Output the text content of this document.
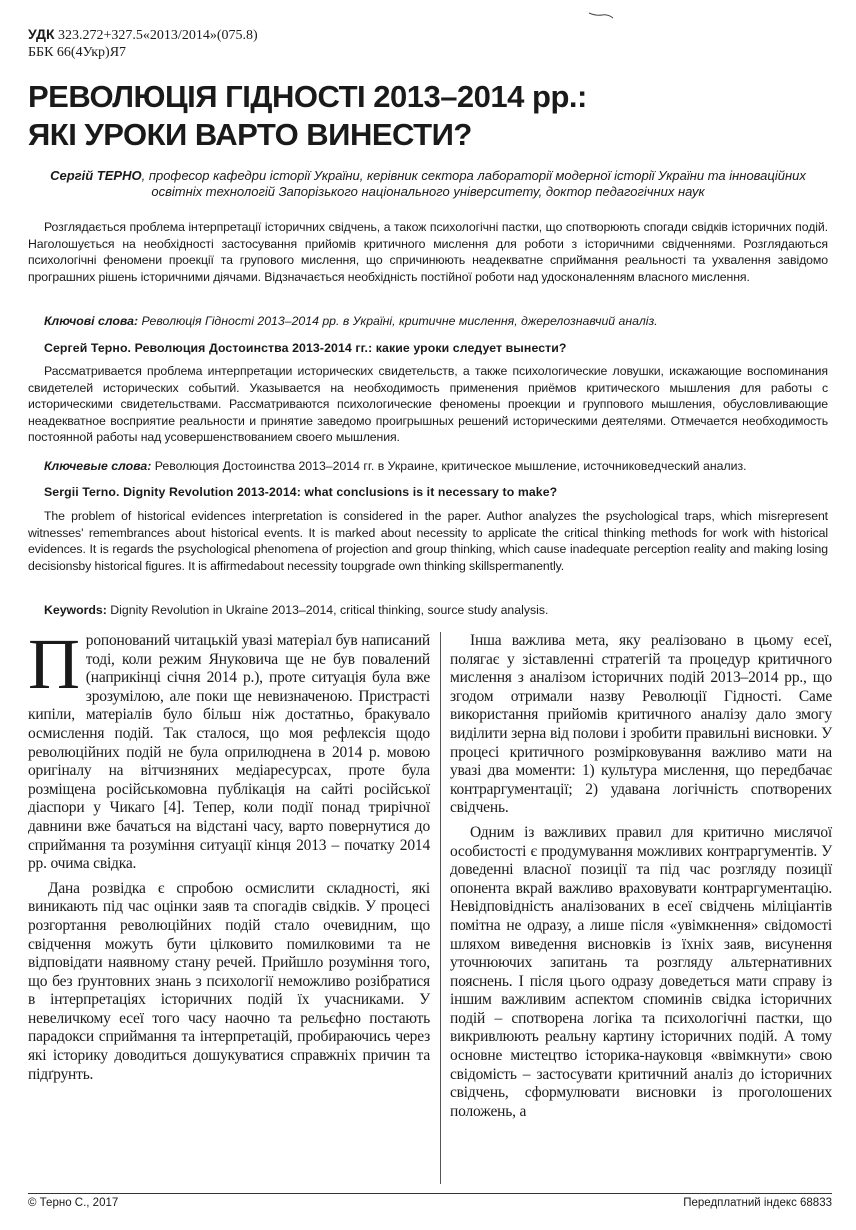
УДК 323.272+327.5«2013/2014»(075.8)
ББК 66(4Укр)Я7
РЕВОЛЮЦІЯ ГІДНОСТІ 2013–2014 рр.:
ЯКІ УРОКИ ВАРТО ВИНЕСТИ?
Сергій ТЕРНО, професор кафедри історії України, керівник сектора лабораторії модерної історії України та інноваційних освітніх технологій Запорізького національного університету, доктор педагогічних наук
Розглядається проблема інтерпретації історичних свідчень, а також психологічні пастки, що спотворюють спогади свідків історичних подій. Наголошується на необхідності застосування прийомів критичного мислення для роботи з історичними свідченнями. Розглядаються психологічні феномени проекції та групового мислення, що спричинюють неадекватне сприймання реальності та ухвалення завідомо програшних рішень історичними діячами. Відзначається необхідність постійної роботи над удосконаленням власного мислення.
Ключові слова: Революція Гідності 2013–2014 рр. в Україні, критичне мислення, джерелознавчий аналіз.
Сергей Терно. Революция Достоинства 2013-2014 гг.: какие уроки следует вынести?
Рассматривается проблема интерпретации исторических свидетельств, а также психологические ловушки, искажающие воспоминания свидетелей исторических событий. Указывается на необходимость применения приёмов критического мышления для работы с историческими свидетельствами. Рассматриваются психологические феномены проекции и группового мышления, обусловливающие неадекватное восприятие реальности и принятие заведомо проигрышных решений историческими деятелями. Отмечается необходимость постоянной работы над усовершенствованием своего мышления.
Ключевые слова: Революция Достоинства 2013–2014 гг. в Украине, критическое мышление, источниковедческий анализ.
Sergii Terno. Dignity Revolution 2013-2014: what conclusions is it necessary to make?
The problem of historical evidences interpretation is considered in the paper. Author analyzes the psychological traps, which misrepresent witnesses' remembrances about historical events. It is marked about necessity to applicate the critical thinking methods for work with historical evidences. It is regards the psychological phenomena of projection and group thinking, which cause inadequate perception reality and making losing decisionsby historical figures. It is affirmedabout necessity toupgrade own thinking skillspermanently.
Keywords: Dignity Revolution in Ukraine 2013–2014, critical thinking, source study analysis.

Пропонований читацькій увазі матеріал був написаний тоді, коли режим Януковича ще не був повалений (наприкінці січня 2014 р.), проте ситуація була вже зрозумілою, але поки ще невизначеною. Пристрасті кипіли, матеріалів було більш ніж достатньо, бракувало осмислення подій. Так сталося, що моя рефлексія щодо революційних подій не була оприлюднена в 2014 р. мовою оригіналу на вітчизняних медіаресурсах, проте була розміщена російськомовна публікація на сайті російської діаспори у Чикаго [4]. Тепер, коли події понад трирічної давнини вже бачаться на відстані часу, варто повернутися до сприймання та розуміння ситуації кінця 2013 – початку 2014 рр. очима свідка.

Дана розвідка є спробою осмислити складності, які виникають під час оцінки заяв та спогадів свідків. У процесі розгортання революційних подій стало очевидним, що свідчення можуть бути цілковито помилковими та не відповідати наявному стану речей. Прийшло розуміння того, що без ґрунтовних знань з психології неможливо розібратися в інтерпретаціях історичних подій їх учасниками. У невеличкому есеї того часу наочно та рельєфно постають парадокси сприймання та інтерпретацій, пробираючись через які історику доводиться дошукуватися справжніх причин та підґрунть.

Інша важлива мета, яку реалізовано в цьому есеї, полягає у зіставленні стратегій та процедур критичного мислення з аналізом історичних подій 2013–2014 рр., що згодом отримали назву Революції Гідності. Саме використання прийомів критичного аналізу дало змогу виділити зерна від полови і зробити правильні висновки. У процесі критичного розмірковування важливо мати на увазі два моменти: 1) культура мислення, що передбачає контраргументації; 2) удавана логічність спотворених свідчень.

Одним із важливих правил для критично мислячої особистості є продумування можливих контраргументів. У доведенні власної позиції та під час розгляду позиції опонента вкрай важливо враховувати контраргументацію. Невідповідність аналізованих в есеї свідчень міліціантів помітна не одразу, а лише після «увімкнення» свідомості шляхом виведення висновків із їхніх заяв, висунення уточнюючих запитань та розгляду альтернативних пояснень. І після цього одразу доведеться мати справу із іншим важливим аспектом споминів свідка історичних подій – спотворена логіка та психологічні пастки, що викривлюють реальну картину історичних подій. А тому основне мистецтво історика-науковця «ввімкнути» свою свідомість – застосувати критичний аналіз до історичних свідчень, сформулювати висновки із проголошених положень, а

© Терно С., 2017	Передплатний індекс 68833
